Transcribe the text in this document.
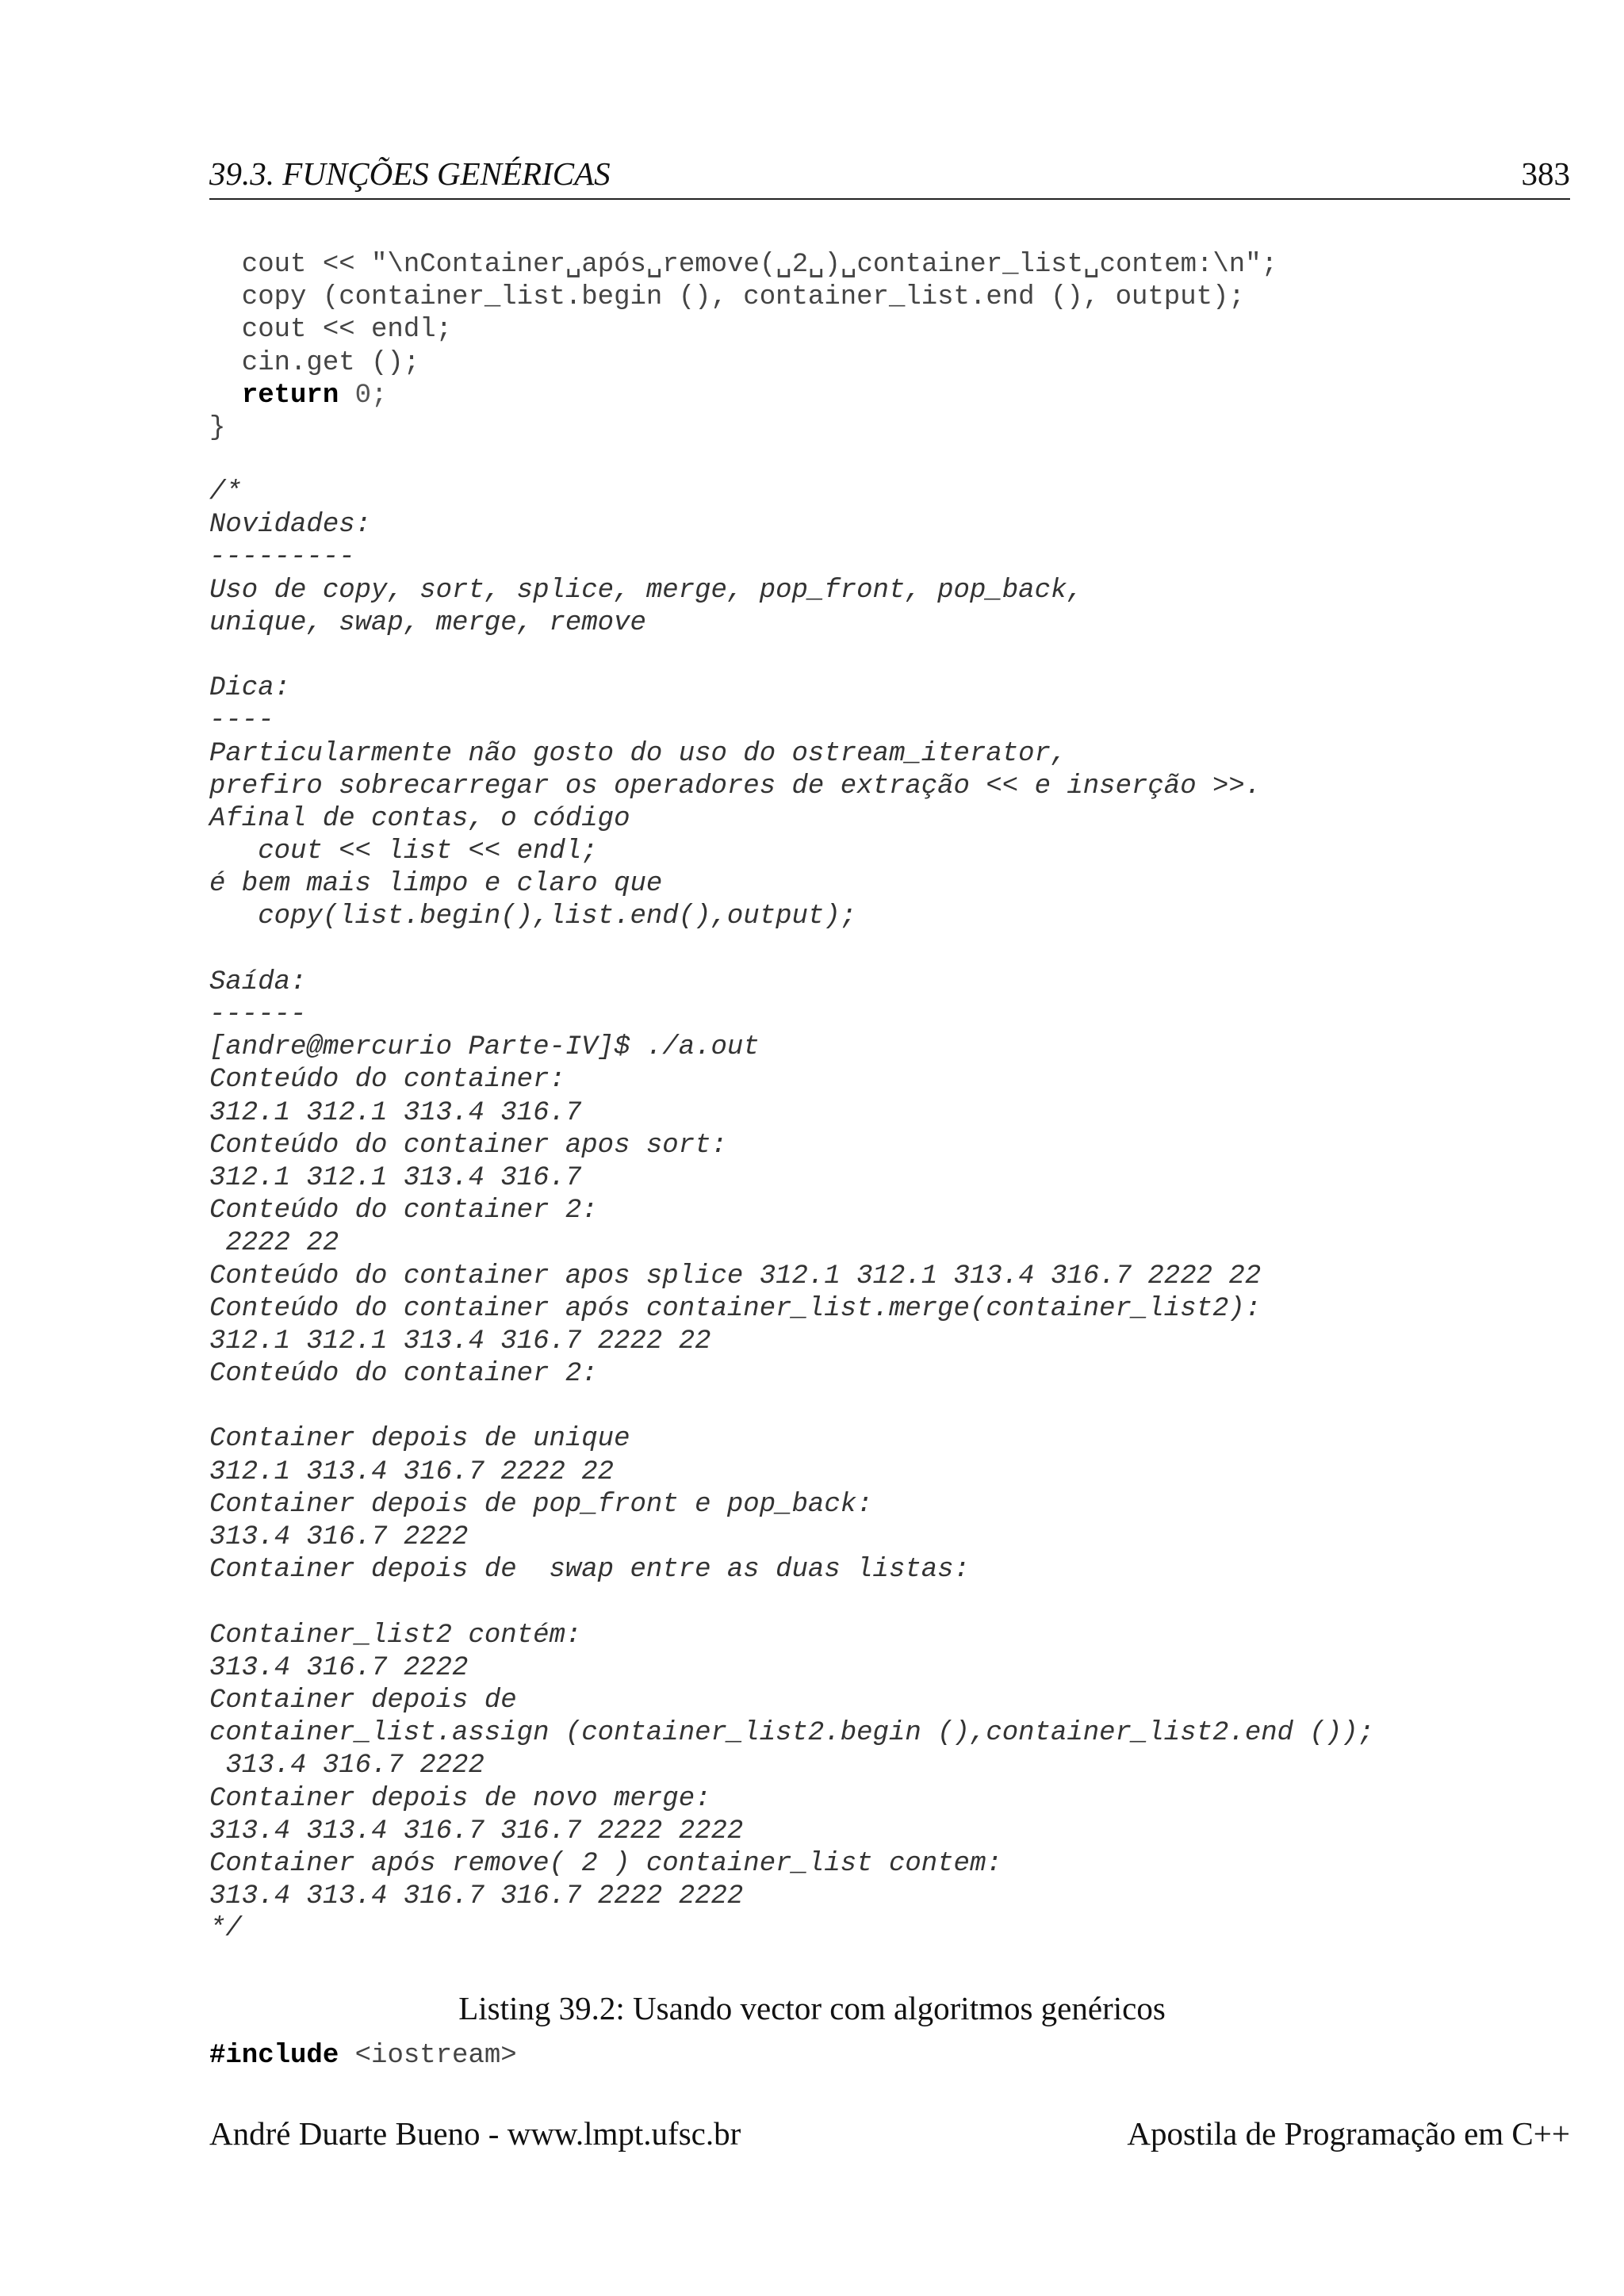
39.3. FUNÇÕES GENÉRICAS	383
cout << "\nContainer␣após␣remove(␣2␣)␣container_list␣contem:\n";
copy (container_list.begin (), container_list.end (), output);
cout << endl;
cin.get ();
return 0;
}
/*
Novidades:
---------
Uso de copy, sort, splice, merge, pop_front, pop_back,
unique, swap, merge, remove
Dica:
----
Particularmente não gosto do uso do ostream_iterator,
prefiro sobrecarregar os operadores de extração << e inserção >>.
Afinal de contas, o código
cout << list << endl;
é bem mais limpo e claro que
copy(list.begin(),list.end(),output);
Saída:
------
[andre@mercurio Parte-IV]$ ./a.out
Conteúdo do container:
312.1 312.1 313.4 316.7
Conteúdo do container apos sort:
312.1 312.1 313.4 316.7
Conteúdo do container 2:
2222 22
Conteúdo do container apos splice 312.1 312.1 313.4 316.7 2222 22
Conteúdo do container após container_list.merge(container_list2):
312.1 312.1 313.4 316.7 2222 22
Conteúdo do container 2:
Container depois de unique
312.1 313.4 316.7 2222 22
Container depois de pop_front e pop_back:
313.4 316.7 2222
Container depois de  swap entre as duas listas:
Container_list2 contém:
313.4 316.7 2222
Container depois de
container_list.assign (container_list2.begin (),container_list2.end ());
313.4 316.7 2222
Container depois de novo merge:
313.4 313.4 316.7 316.7 2222 2222
Container após remove( 2 ) container_list contem:
313.4 313.4 316.7 316.7 2222 2222
*/
Listing 39.2: Usando vector com algoritmos genéricos
#include <iostream>
André Duarte Bueno - www.lmpt.ufsc.br	Apostila de Programação em C++
